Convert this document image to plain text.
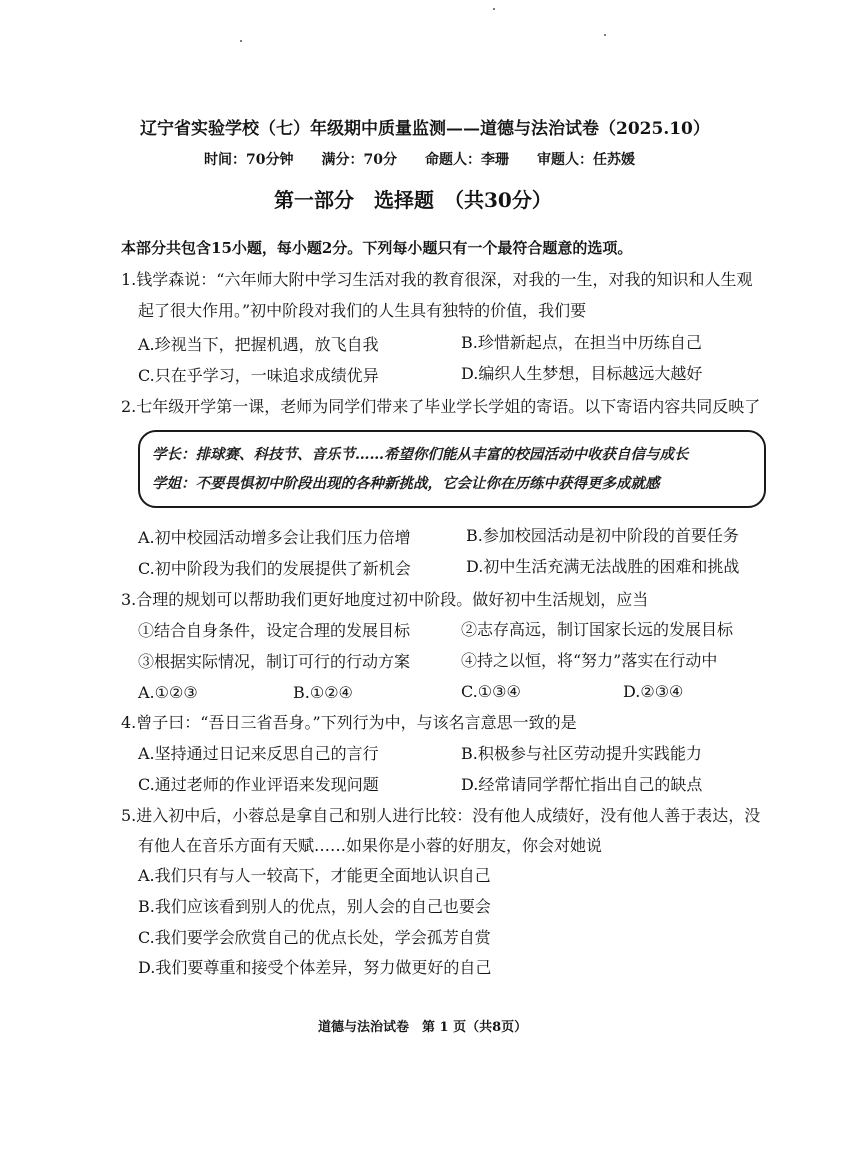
辽宁省实验学校（七）年级期中质量监测——道德与法治试卷（2025.10）
时间：70分钟　　满分：70分　　命题人：李珊　　审题人：任苏媛
第一部分　选择题　（共30分）
本部分共包含15小题，每小题2分。下列每小题只有一个最符合题意的选项。
1.钱学森说：“六年师大附中学习生活对我的教育很深，对我的一生，对我的知识和人生观
起了很大作用。”初中阶段对我们的人生具有独特的价值，我们要
A.珍视当下，把握机遇，放飞自我	B.珍惜新起点，在担当中历练自己
C.只在乎学习，一味追求成绩优异	D.编织人生梦想，目标越远大越好
2.七年级开学第一课，老师为同学们带来了毕业学长学姐的寄语。以下寄语内容共同反映了
学长：排球赛、科技节、音乐节……希望你们能从丰富的校园活动中收获自信与成长
学姐：不要畏惧初中阶段出现的各种新挑战，它会让你在历练中获得更多成就感
A.初中校园活动增多会让我们压力倍增	B.参加校园活动是初中阶段的首要任务
C.初中阶段为我们的发展提供了新机会	D.初中生活充满无法战胜的困难和挑战
3.合理的规划可以帮助我们更好地度过初中阶段。做好初中生活规划，应当
①结合自身条件，设定合理的发展目标	②志存高远，制订国家长远的发展目标
③根据实际情况，制订可行的行动方案	④持之以恒，将“努力”落实在行动中
A.①②③	B.①②④	C.①③④	D.②③④
4.曾子曰：“吾日三省吾身。”下列行为中，与该名言意思一致的是
A.坚持通过日记来反思自己的言行	B.积极参与社区劳动提升实践能力
C.通过老师的作业评语来发现问题	D.经常请同学帮忙指出自己的缺点
5.进入初中后，小蓉总是拿自己和别人进行比较：没有他人成绩好，没有他人善于表达，没
有他人在音乐方面有天赋……如果你是小蓉的好朋友，你会对她说
A.我们只有与人一较高下，才能更全面地认识自己
B.我们应该看到别人的优点，别人会的自己也要会
C.我们要学会欣赏自己的优点长处，学会孤芳自赏
D.我们要尊重和接受个体差异，努力做更好的自己
道德与法治试卷　第 1 页（共8页）
